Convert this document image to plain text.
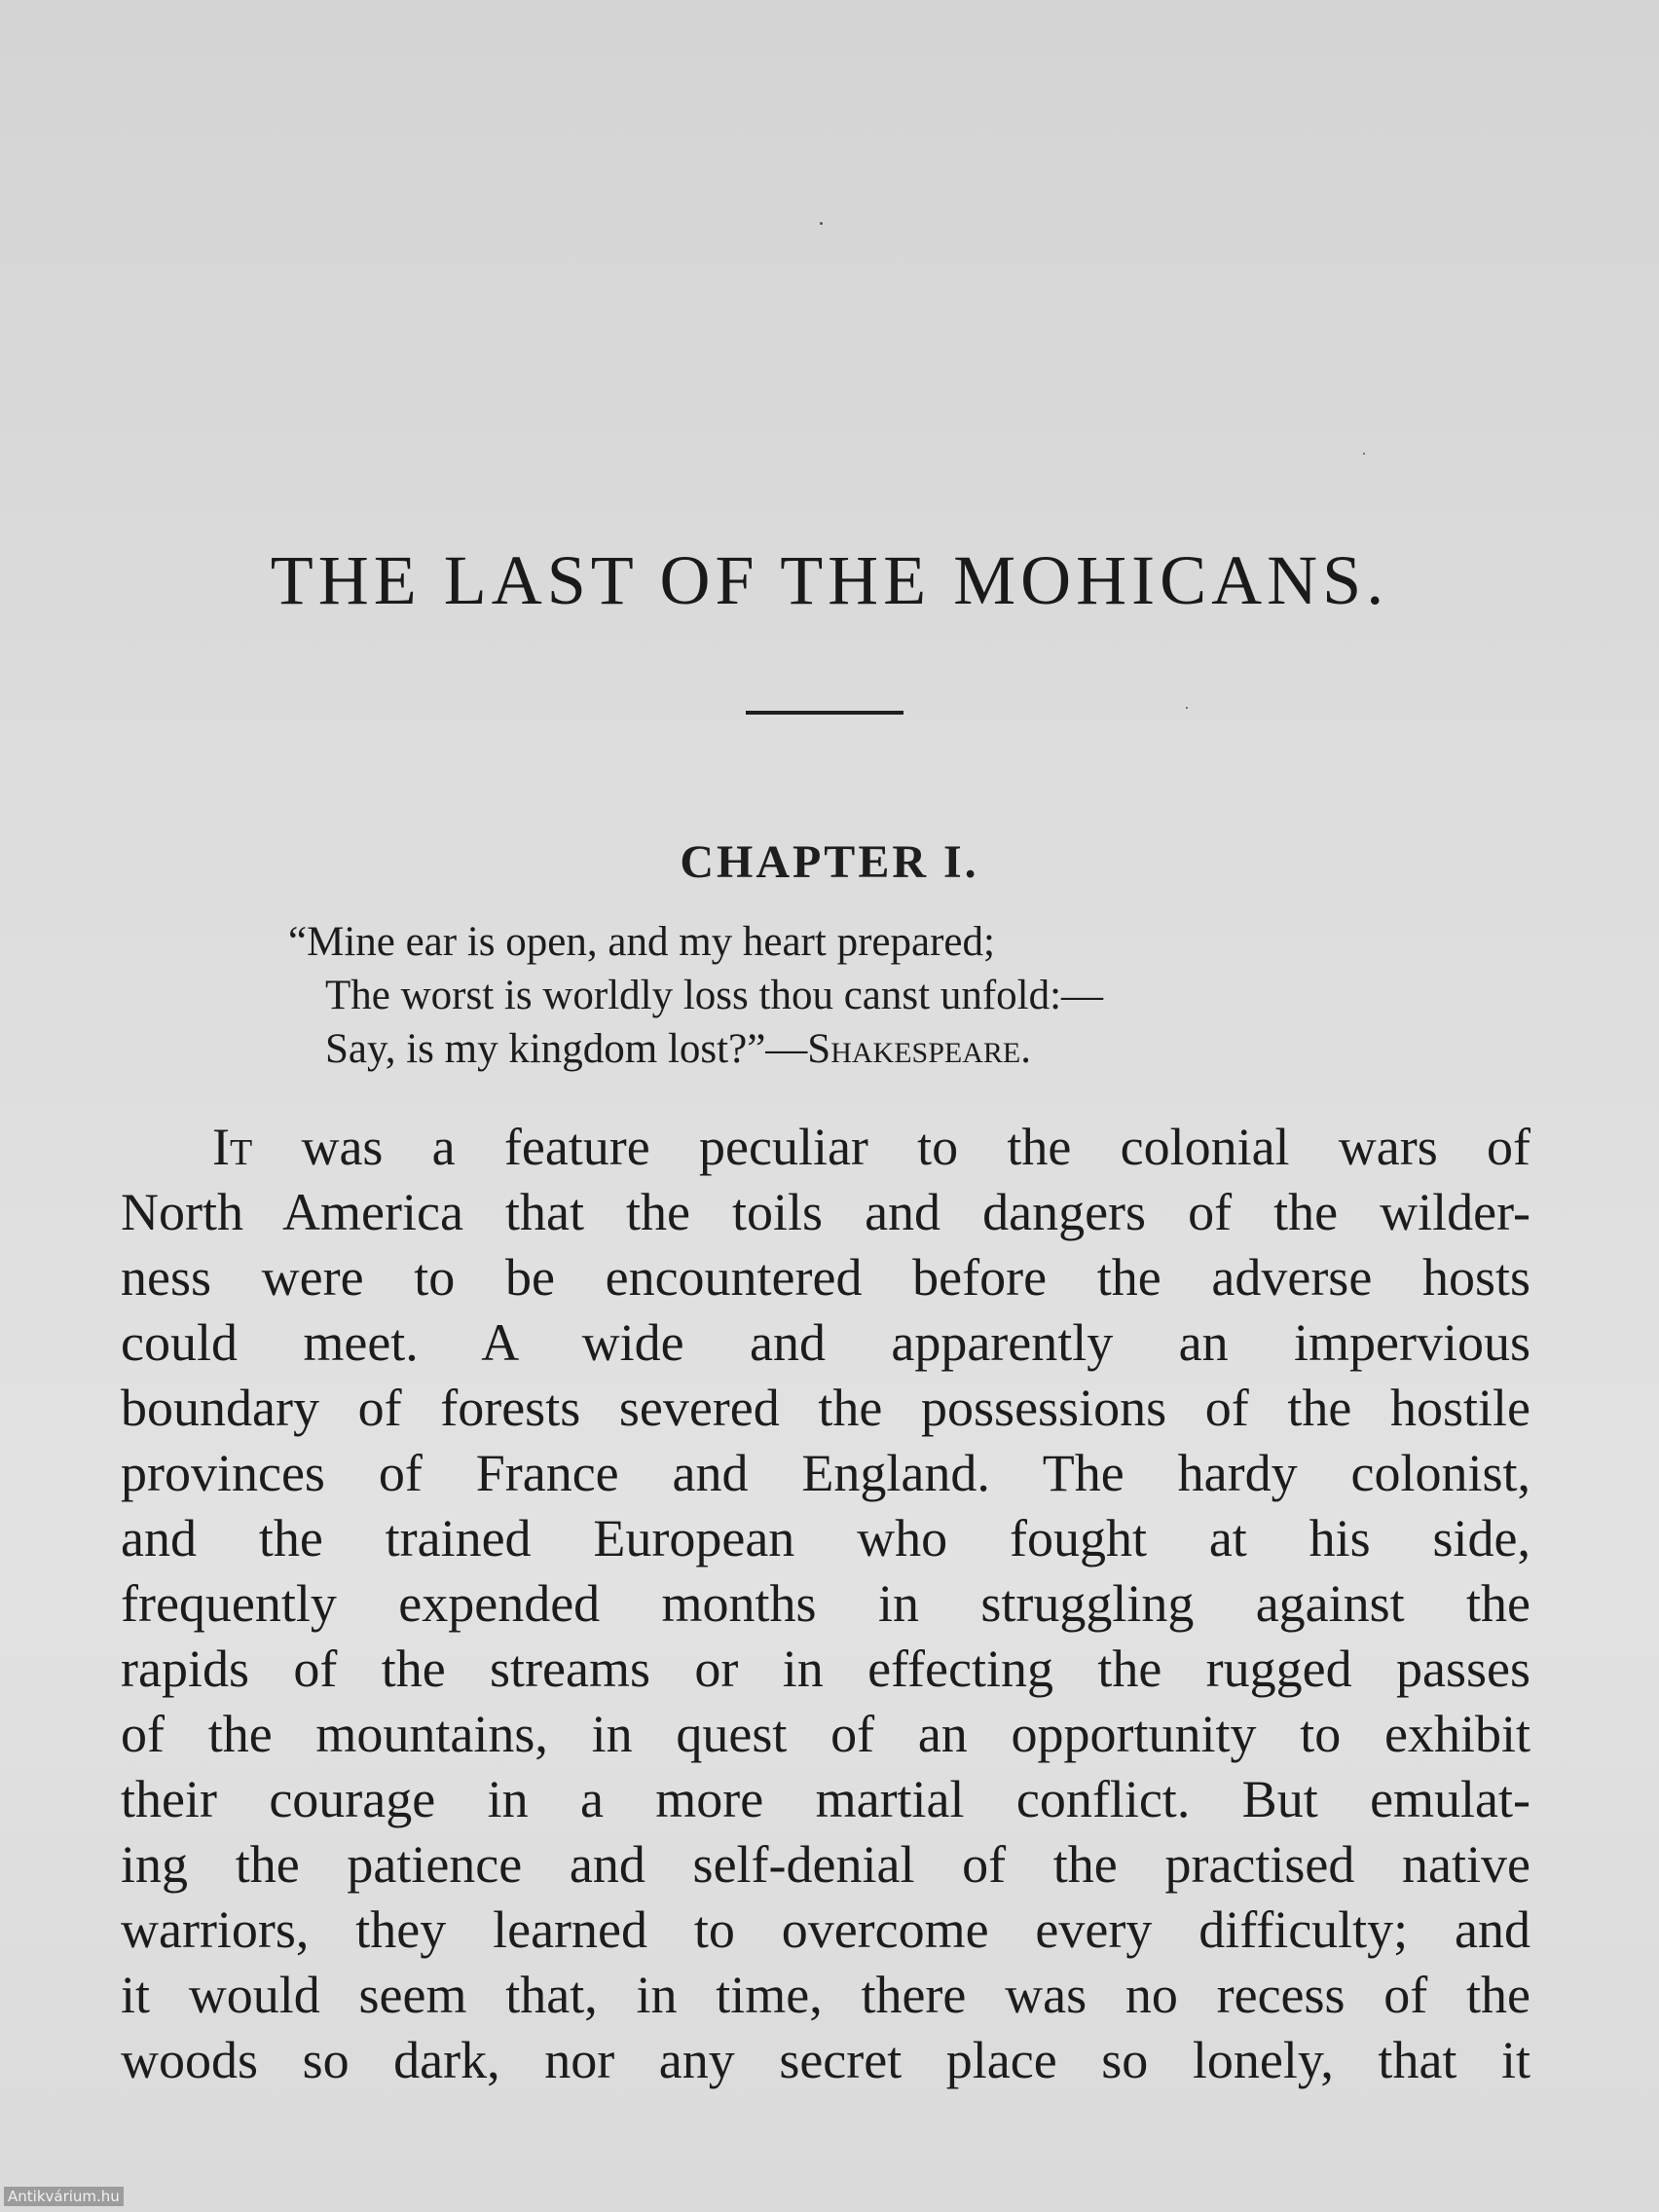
THE LAST OF THE MOHICANS.
CHAPTER I.
“Mine ear is open, and my heart prepared;
The worst is worldly loss thou canst unfold:—
Say, is my kingdom lost?”—Shakespeare.
It was a feature peculiar to the colonial wars of
North America that the toils and dangers of the wilder-
ness were to be encountered before the adverse hosts
could meet. A wide and apparently an impervious
boundary of forests severed the possessions of the hostile
provinces of France and England. The hardy colonist,
and the trained European who fought at his side,
frequently expended months in struggling against the
rapids of the streams or in effecting the rugged passes
of the mountains, in quest of an opportunity to exhibit
their courage in a more martial conflict. But emulat-
ing the patience and self-denial of the practised native
warriors, they learned to overcome every difficulty; and
it would seem that, in time, there was no recess of the
woods so dark, nor any secret place so lonely, that it
Antikvárium.hu
